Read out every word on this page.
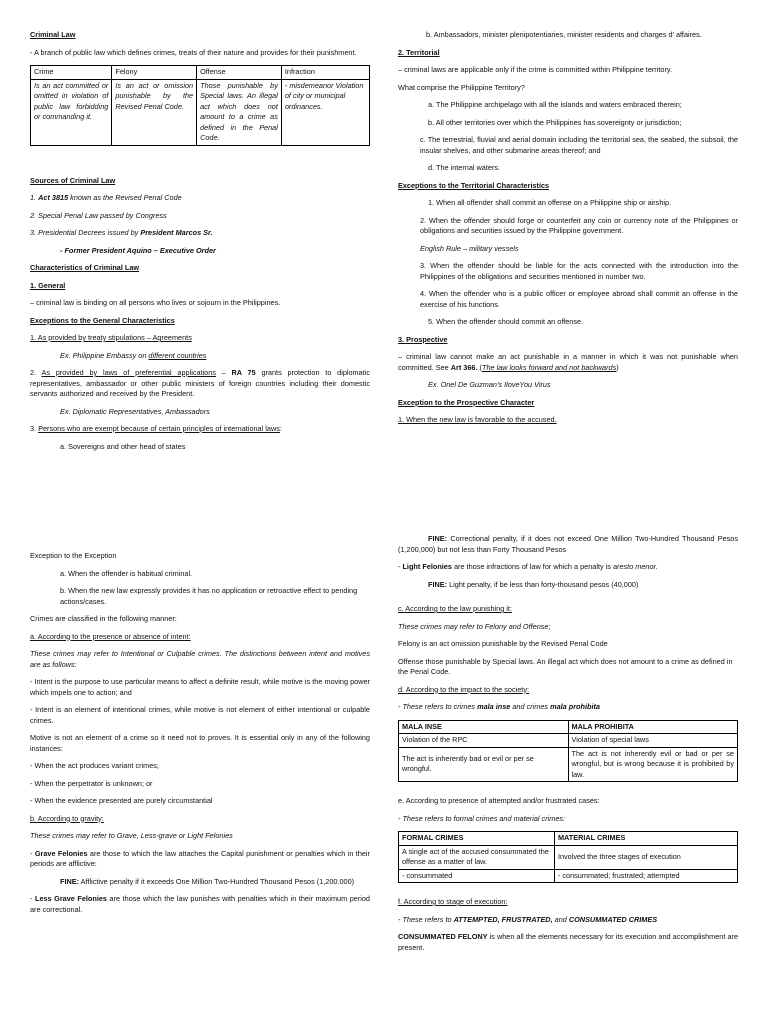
Criminal Law

- A branch of public law which defines crimes, treats of their nature and provides for their punishment.

Crime	Felony	Offense	Infraction
Is an act committed or omitted in violation of public law forbidding or commanding it.	Is an act or omission punishable by the Revised Penal Code.	Those punishable by Special laws. An illegal act which does not amount to a crime as defined in the Penal Code.	- misdemeanor Violation of city or municipal ordinances.

Sources of Criminal Law

1. Act 3815 known as the Revised Penal Code

2. Special Penal Law passed by Congress

3. Presidential Decrees issued by President Marcos Sr.

- Former President Aquino – Executive Order

Characteristics of Criminal Law

1. General

– criminal law is binding on all persons who lives or sojourn in the Philippines.

Exceptions to the General Characteristics

1. As provided by treaty stipulations – Agreements

Ex. Philippine Embassy on different countries

2. As provided by laws of preferential applications – RA 75 grants protection to diplomatic representatives, ambassador or other public ministers of foreign countries including their domestic servants authorized and received by the President.

Ex. Diplomatic Representatives, Ambassadors

3. Persons who are exempt because of certain principles of international laws:

a. Sovereigns and other head of states

b. Ambassadors, minister plenipotentiaries, minister residents and charges d’ affaires.

2. Territorial

– criminal laws are applicable only if the crime is committed within Philippine territory.

What comprise the Philippine Territory?

a. The Philippine archipelago with all the islands and waters embraced therein;

b. All other territories over which the Philippines has sovereignty or jurisdiction;

c. The terrestrial, fluvial and aerial domain including the territorial sea, the seabed, the subsoil, the insular shelves, and other submarine areas thereof; and

d. The internal waters.

Exceptions to the Territorial Characteristics

1. When all offender shall commit an offense on a Philippine ship or airship.

2. When the offender should forge or counterfeit any coin or currency note of the Philippines or obligations and securities issued by the Philippine government.

English Rule – military vessels

3. When the offender should be liable for the acts connected with the introduction into the Philippines of the obligations and securities mentioned in number two.

4. When the offender who is a public officer or employee abroad shall commit an offense in the exercise of his functions.

5. When the offender should commit an offense.

3. Prospective

– criminal law cannot make an act punishable in a manner in which it was not punishable when committed. See Art 366. (The law looks forward and not backwards)

Ex. Onel De Guzman’s IloveYou Virus

Exception to the Prospective Character

1. When the new law is favorable to the accused.

Exception to the Exception

a. When the offender is habitual criminal.

b. When the new law expressly provides it has no application or retroactive effect to pending actions/cases.

Crimes are classified in the following manner:

a. According to the presence or absence of intent:

These crimes may refer to Intentional or Culpable crimes. The distinctions between intent and motives are as follows:

- Intent is the purpose to use particular means to affect a definite result, while motive is the moving power which impels one to action; and

- Intent is an element of intentional crimes, while motive is not element of either intentional or culpable crimes.

Motive is not an element of a crime so it need not to proves. It is essential only in any of the following instances:

- When the act produces variant crimes;

- When the perpetrator is unknown; or

- When the evidence presented are purely circumstantial

b. According to gravity:

These crimes may refer to Grave, Less-grave or Light Felonies

- Grave Felonies are those to which the law attaches the Capital punishment or penalties which in their periods are afflictive:

FINE: Afflictive penalty if it exceeds One Million Two-Hundred Thousand Pesos (1,200.000)

- Less Grave Felonies are those which the law punishes with penalties which in their maximum period are correctional.

FINE: Correctional penalty, if it does not exceed One Million Two-Hundred Thousand Pesos (1,200,000) but not less than Forty Thousand Pesos

- Light Felonies are those infractions of law for which a penalty is aresto menor.

FINE: Light penalty, if be less than forty-thousand pesos (40,000)

c. According to the law punishing it:

These crimes may refer to Felony and Offense;

Felony is an act omission punishable by the Revised Penal Code

Offense those punishable by Special laws. An illegal act which does not amount to a crime as defined in the Penal Code.

d. According to the impact to the society:

- These refers to crimes mala inse and crimes mala prohibita

MALA INSE	MALA PROHIBITA
Violation of the RPC	Violation of special laws
The act is inherently bad or evil or per se wrongful.	The act is not inherently evil or bad or per se wrongful, but is wrong because it is prohibited by law.

e. According to presence of attempted and/or frustrated cases:

- These refers to formal crimes and material crimes:

FORMAL CRIMES	MATERIAL CRIMES
A single act of the accused consummated the offense as a matter of law.	Involved the three stages of execution
- consummated	- consummated; frustrated; attempted

f. According to stage of execution:

- These refers to ATTEMPTED, FRUSTRATED, and CONSUMMATED CRIMES

CONSUMMATED FELONY is when all the elements necessary for its execution and accomplishment are present.
